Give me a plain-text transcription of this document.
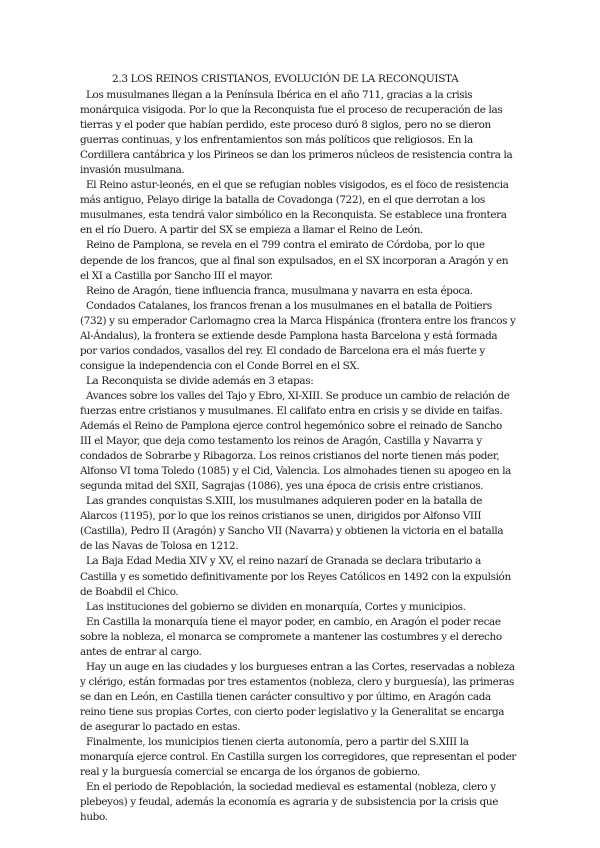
2.3 LOS REINOS CRISTIANOS, EVOLUCIÓN DE LA RECONQUISTA

Los musulmanes llegan a la Península Ibérica en el año 711, gracias a la crisis monárquica visigoda. Por lo que la Reconquista fue el proceso de recuperación de las tierras y el poder que habían perdido, este proceso duró 8 siglos, pero no se dieron guerras continuas, y los enfrentamientos son más políticos que religiosos. En la Cordillera cantábrica y los Pirineos se dan los primeros núcleos de resistencia contra la invasión musulmana.

El Reino astur-leonés, en el que se refugian nobles visigodos, es el foco de resistencia más antiguo, Pelayo dirige la batalla de Covadonga (722), en el que derrotan a los musulmanes, esta tendrá valor simbólico en la Reconquista. Se establece una frontera en el río Duero. A partir del SX se empieza a llamar el Reino de León.

Reino de Pamplona, se revela en el 799 contra el emirato de Córdoba, por lo que depende de los francos, que al final son expulsados, en el SX incorporan a Aragón y en el XI a Castilla por Sancho III el mayor.

Reino de Aragón, tiene influencia franca, musulmana y navarra en esta época.

Condados Catalanes, los francos frenan a los musulmanes en el batalla de Poitiers (732) y su emperador Carlomagno crea la Marca Hispánica (frontera entre los francos y Al-Ándalus), la frontera se extiende desde Pamplona hasta Barcelona y está formada por varios condados, vasallos del rey. El condado de Barcelona era el más fuerte y consigue la independencia con el Conde Borrel en el SX.

La Reconquista se divide además en 3 etapas:

Avances sobre los valles del Tajo y Ebro, XI-XIII. Se produce un cambio de relación de fuerzas entre cristianos y musulmanes. El califato entra en crisis y se divide en taifas. Además el Reino de Pamplona ejerce control hegemónico sobre el reinado de Sancho III el Mayor, que deja como testamento los reinos de Aragón, Castilla y Navarra y condados de Sobrarbe y Ribagorza. Los reinos cristianos del norte tienen más poder, Alfonso VI toma Toledo (1085) y el Cid, Valencia. Los almohades tienen su apogeo en la segunda mitad del SXII, Sagrajas (1086), yes una época de crisis entre cristianos.

Las grandes conquistas S.XIII, los musulmanes adquieren poder en la batalla de Alarcos (1195), por lo que los reinos cristianos se unen, dirigidos por Alfonso VIII (Castilla), Pedro II (Aragón) y Sancho VII (Navarra) y obtienen la victoria en el batalla de las Navas de Tolosa en 1212.

La Baja Edad Media XIV y XV, el reino nazarí de Granada se declara tributario a Castilla y es sometido definitivamente por los Reyes Católicos en 1492 con la expulsión de Boabdil el Chico.

Las instituciones del gobierno se dividen en monarquía, Cortes y municipios.

En Castilla la monarquía tiene el mayor poder, en cambio, en Aragón el poder recae sobre la nobleza, el monarca se compromete a mantener las costumbres y el derecho antes de entrar al cargo.

Hay un auge en las ciudades y los burgueses entran a las Cortes, reservadas a nobleza y clérigo, están formadas por tres estamentos (nobleza, clero y burguesía), las primeras se dan en León, en Castilla tienen carácter consultivo y por último, en Aragón cada reino tiene sus propias Cortes, con cierto poder legislativo y la Generalitat se encarga de asegurar lo pactado en estas.

Finalmente, los municipios tienen cierta autonomía, pero a partir del S.XIII la monarquía ejerce control. En Castilla surgen los corregidores, que representan el poder real y la burguesía comercial se encarga de los órganos de gobierno.

En el periodo de Repoblación, la sociedad medieval es estamental (nobleza, clero y plebeyos) y feudal, además la economía es agraria y de subsistencia por la crisis que hubo.
